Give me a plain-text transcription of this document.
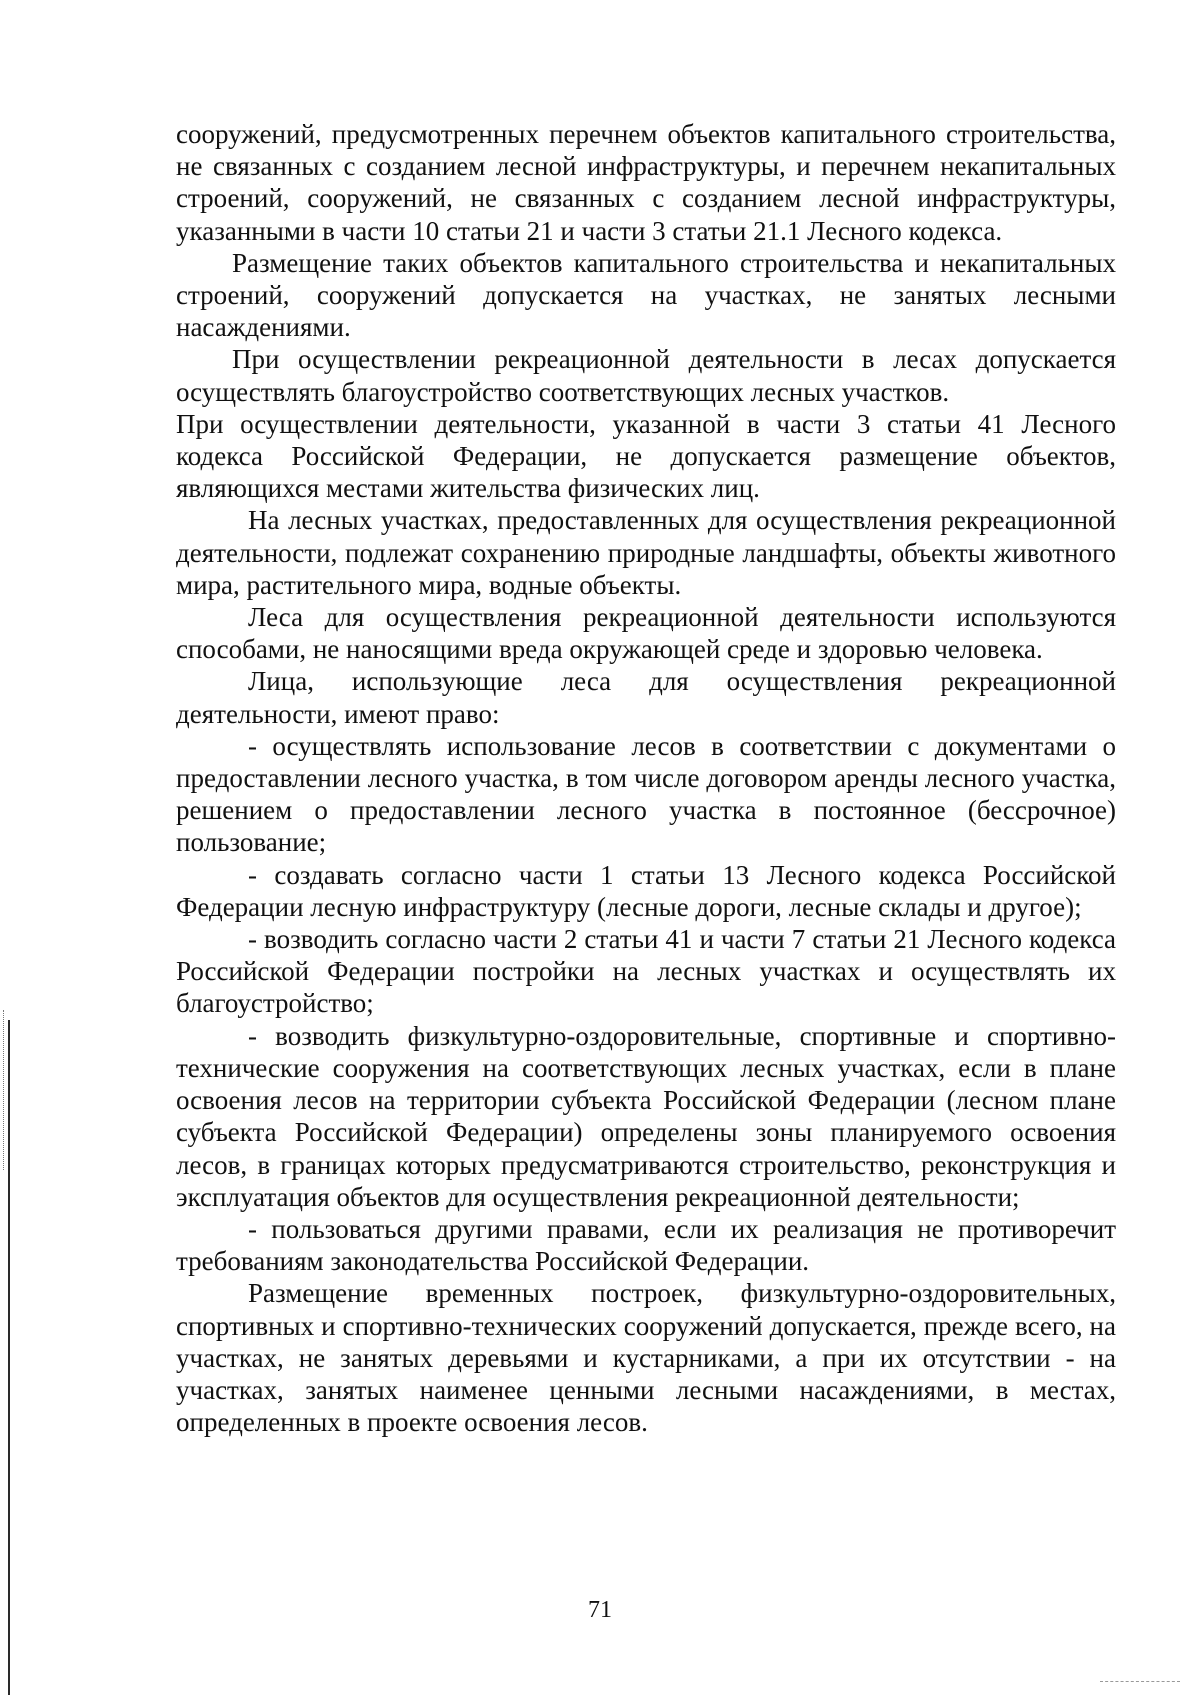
сооружений, предусмотренных перечнем объектов капитального строительства, не связанных с созданием лесной инфраструктуры, и перечнем некапитальных строений, сооружений, не связанных с созданием лесной инфраструктуры, указанными в части 10 статьи 21 и части 3 статьи 21.1 Лесного кодекса.

Размещение таких объектов капитального строительства и некапитальных строений, сооружений допускается на участках, не занятых лесными насаждениями.

При осуществлении рекреационной деятельности в лесах допускается осуществлять благоустройство соответствующих лесных участков.

При осуществлении деятельности, указанной в части 3 статьи 41 Лесного кодекса Российской Федерации, не допускается размещение объектов, являющихся местами жительства физических лиц.

На лесных участках, предоставленных для осуществления рекреационной деятельности, подлежат сохранению природные ландшафты, объекты животного мира, растительного мира, водные объекты.

Леса для осуществления рекреационной деятельности используются способами, не наносящими вреда окружающей среде и здоровью человека.

Лица, использующие леса для осуществления рекреационной деятельности, имеют право:

- осуществлять использование лесов в соответствии с документами о предоставлении лесного участка, в том числе договором аренды лесного участка, решением о предоставлении лесного участка в постоянное (бессрочное) пользование;

- создавать согласно части 1 статьи 13 Лесного кодекса Российской Федерации лесную инфраструктуру (лесные дороги, лесные склады и другое);

- возводить согласно части 2 статьи 41 и части 7 статьи 21 Лесного кодекса Российской Федерации постройки на лесных участках и осуществлять их благоустройство;

- возводить физкультурно-оздоровительные, спортивные и спортивно-технические сооружения на соответствующих лесных участках, если в плане освоения лесов на территории субъекта Российской Федерации (лесном плане субъекта Российской Федерации) определены зоны планируемого освоения лесов, в границах которых предусматриваются строительство, реконструкция и эксплуатация объектов для осуществления рекреационной деятельности;

- пользоваться другими правами, если их реализация не противоречит требованиям законодательства Российской Федерации.

Размещение временных построек, физкультурно-оздоровительных, спортивных и спортивно-технических сооружений допускается, прежде всего, на участках, не занятых деревьями и кустарниками, а при их отсутствии - на участках, занятых наименее ценными лесными насаждениями, в местах, определенных в проекте освоения лесов.

71
